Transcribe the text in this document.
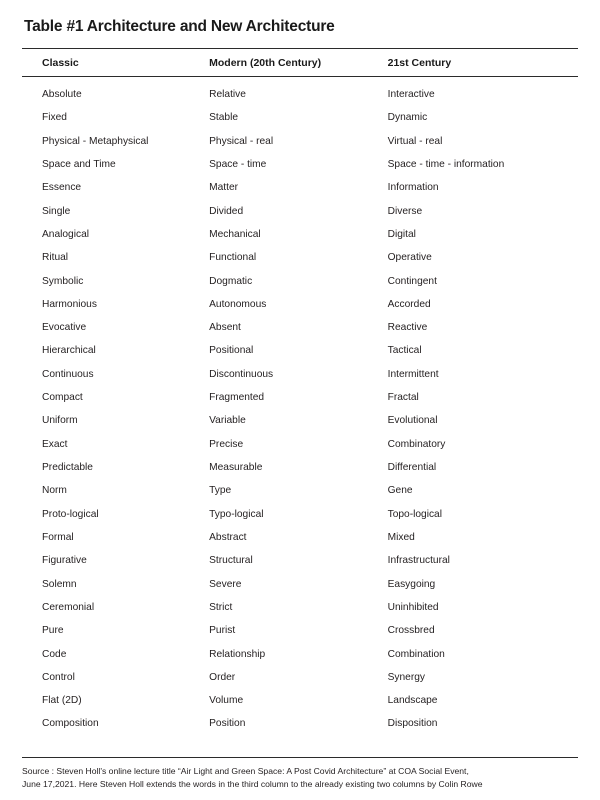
Table #1 Architecture and New Architecture
Classic	Modern (20th Century)	21st Century
Absolute	Relative	Interactive
Fixed	Stable	Dynamic
Physical - Metaphysical	Physical - real	Virtual - real
Space and Time	Space - time	Space - time - information
Essence	Matter	Information
Single	Divided	Diverse
Analogical	Mechanical	Digital
Ritual	Functional	Operative
Symbolic	Dogmatic	Contingent
Harmonious	Autonomous	Accorded
Evocative	Absent	Reactive
Hierarchical	Positional	Tactical
Continuous	Discontinuous	Intermittent
Compact	Fragmented	Fractal
Uniform	Variable	Evolutional
Exact	Precise	Combinatory
Predictable	Measurable	Differential
Norm	Type	Gene
Proto-logical	Typo-logical	Topo-logical
Formal	Abstract	Mixed
Figurative	Structural	Infrastructural
Solemn	Severe	Easygoing
Ceremonial	Strict	Uninhibited
Pure	Purist	Crossbred
Code	Relationship	Combination
Control	Order	Synergy
Flat (2D)	Volume	Landscape
Composition	Position	Disposition
Source : Steven Holl's online lecture title “Air Light and Green Space: A Post Covid Architecture” at COA Social Event,
June 17,2021. Here Steven Holl extends the words in the third column to the already existing two columns by Colin Rowe
